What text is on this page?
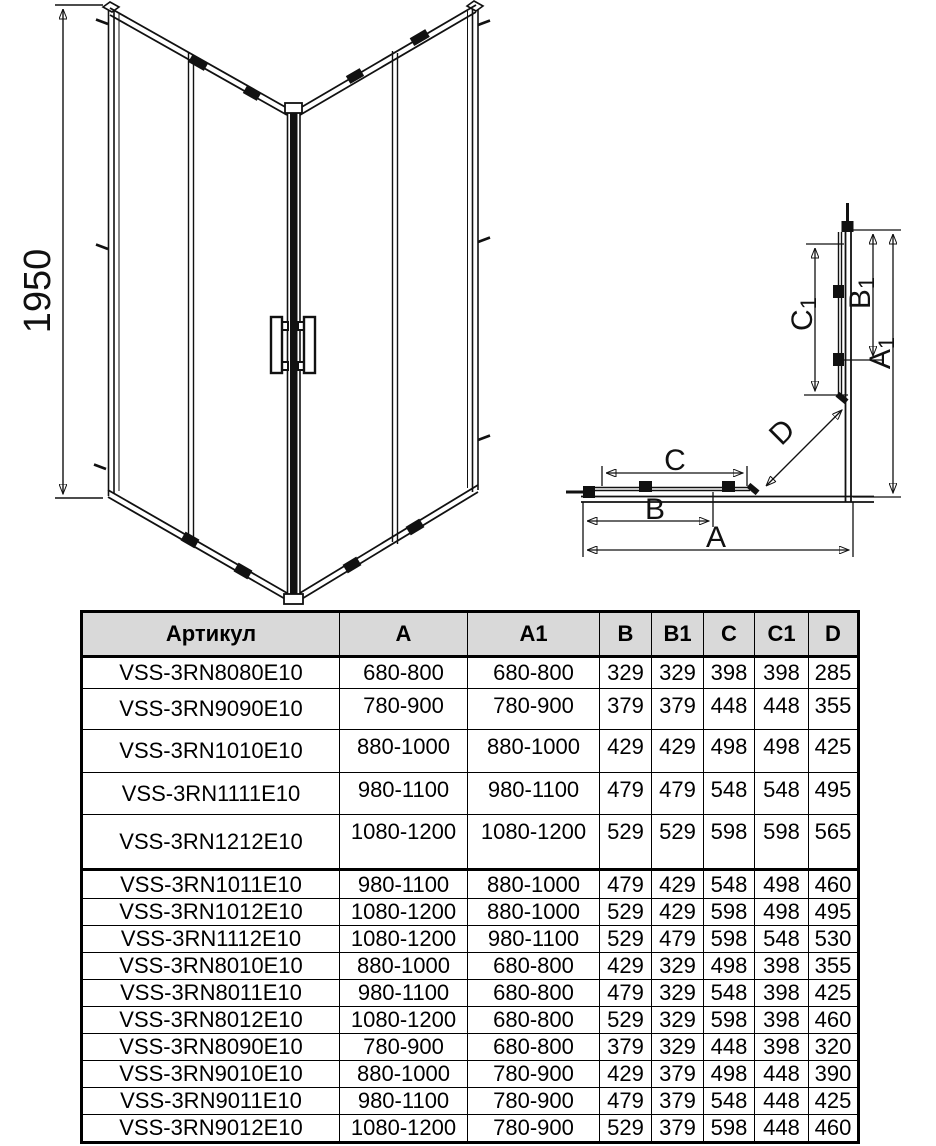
1950	C1 B1
A1
C
B
A
D
Артикул	A	A1	B	B1	C	C1	D
VSS-3RN8080E10	680-800	680-800	329	329	398	398	285
VSS-3RN9090E10	780-900	780-900	379	379	448	448	355
VSS-3RN1010E10	880-1000	880-1000	429	429	498	498	425
VSS-3RN1111E10	980-1100	980-1100	479	479	548	548	495
VSS-3RN1212E10	1080-1200	1080-1200	529	529	598	598	565
VSS-3RN1011E10	980-1100	880-1000	479	429	548	498	460
VSS-3RN1012E10	1080-1200	880-1000	529	429	598	498	495
VSS-3RN1112E10	1080-1200	980-1100	529	479	598	548	530
VSS-3RN8010E10	880-1000	680-800	429	329	498	398	355
VSS-3RN8011E10	980-1100	680-800	479	329	548	398	425
VSS-3RN8012E10	1080-1200	680-800	529	329	598	398	460
VSS-3RN8090E10	780-900	680-800	379	329	448	398	320
VSS-3RN9010E10	880-1000	780-900	429	379	498	448	390
VSS-3RN9011E10	980-1100	780-900	479	379	548	448	425
VSS-3RN9012E10	1080-1200	780-900	529	379	598	448	460
